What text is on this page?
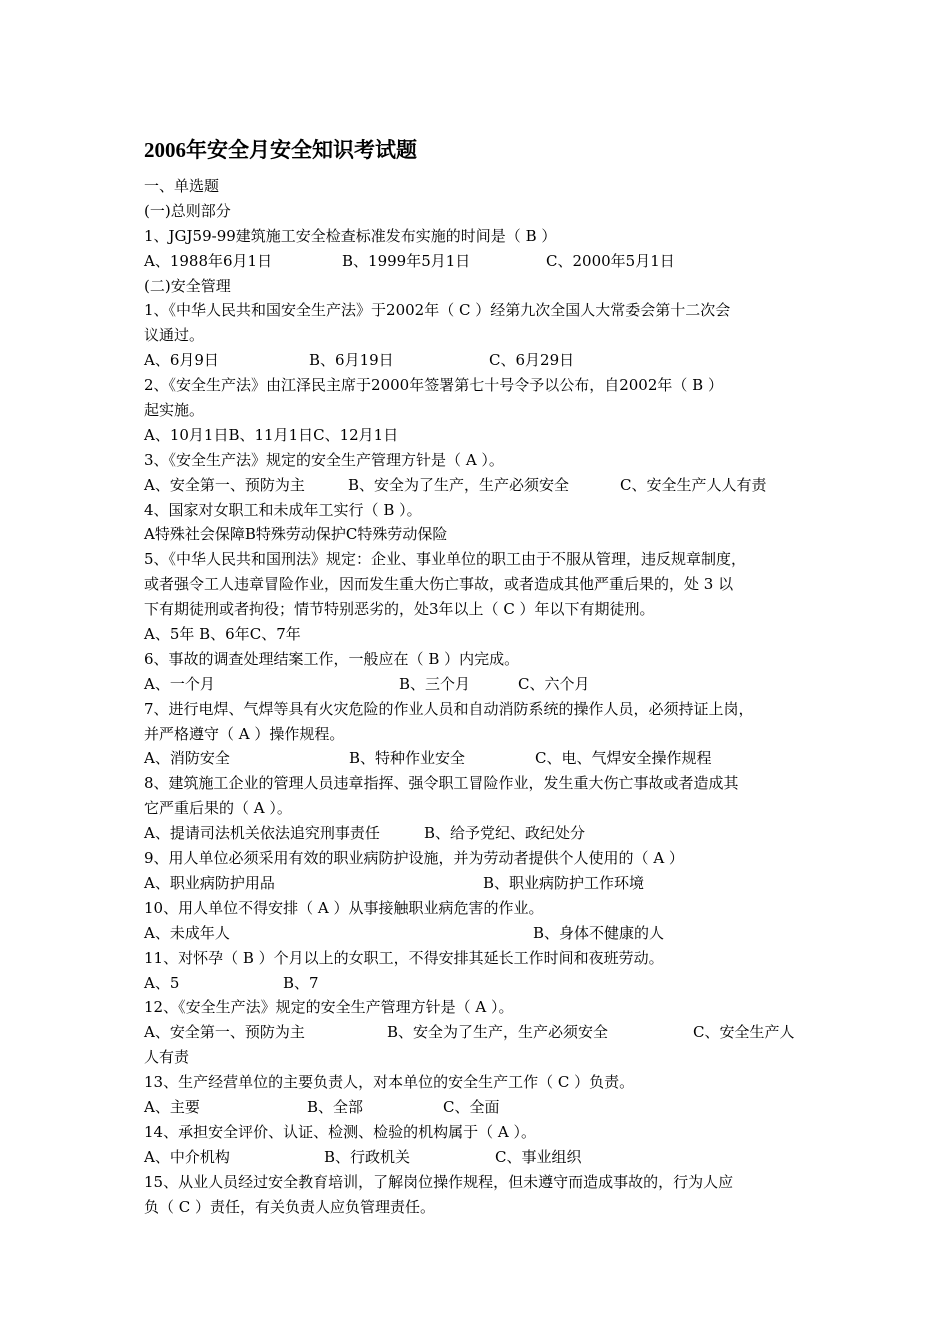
2006年安全月安全知识考试题
一、单选题
(一)总则部分
1、JGJ59-99建筑施工安全检查标准发布实施的时间是（ B ）
A、1988年6月1日	B、1999年5月1日	C、2000年5月1日
(二)安全管理
1、《中华人民共和国安全生产法》于2002年（ C ）经第九次全国人大常委会第十二次会
议通过。
A、6月9日	B、6月19日	C、6月29日
2、《安全生产法》由江泽民主席于2000年签署第七十号令予以公布，自2002年（ B ）
起实施。
A、10月1日B、11月1日C、12月1日
3、《安全生产法》规定的安全生产管理方针是（ A ）。
A、安全第一、预防为主	B、安全为了生产，生产必须安全	C、安全生产人人有责
4、国家对女职工和未成年工实行（ B ）。
A特殊社会保障B特殊劳动保护C特殊劳动保险
5、《中华人民共和国刑法》规定：企业、事业单位的职工由于不服从管理，违反规章制度，
或者强令工人违章冒险作业，因而发生重大伤亡事故，或者造成其他严重后果的，处 3 以
下有期徒刑或者拘役；情节特别恶劣的，处3年以上（ C ）年以下有期徒刑。
A、5年 B、6年C、7年
6、事故的调查处理结案工作，一般应在（ B ）内完成。
A、一个月	B、三个月	C、六个月
7、进行电焊、气焊等具有火灾危险的作业人员和自动消防系统的操作人员，必须持证上岗，
并严格遵守（ A ）操作规程。
A、消防安全	B、特种作业安全	C、电、气焊安全操作规程
8、建筑施工企业的管理人员违章指挥、强令职工冒险作业，发生重大伤亡事故或者造成其
它严重后果的（ A ）。
A、提请司法机关依法追究刑事责任	B、给予党纪、政纪处分
9、用人单位必须采用有效的职业病防护设施，并为劳动者提供个人使用的（ A ）
A、职业病防护用品	B、职业病防护工作环境
10、用人单位不得安排（ A ）从事接触职业病危害的作业。
A、未成年人	B、身体不健康的人
11、对怀孕（ B ）个月以上的女职工，不得安排其延长工作时间和夜班劳动。
A、5	B、7
12、《安全生产法》规定的安全生产管理方针是（ A ）。
A、安全第一、预防为主	B、安全为了生产，生产必须安全	C、安全生产人
人有责
13、生产经营单位的主要负责人，对本单位的安全生产工作（ C ）负责。
A、主要	B、全部	C、全面
14、承担安全评价、认证、检测、检验的机构属于（ A ）。
A、中介机构	B、行政机关	C、事业组织
15、从业人员经过安全教育培训，了解岗位操作规程，但未遵守而造成事故的，行为人应
负（ C ）责任，有关负责人应负管理责任。
